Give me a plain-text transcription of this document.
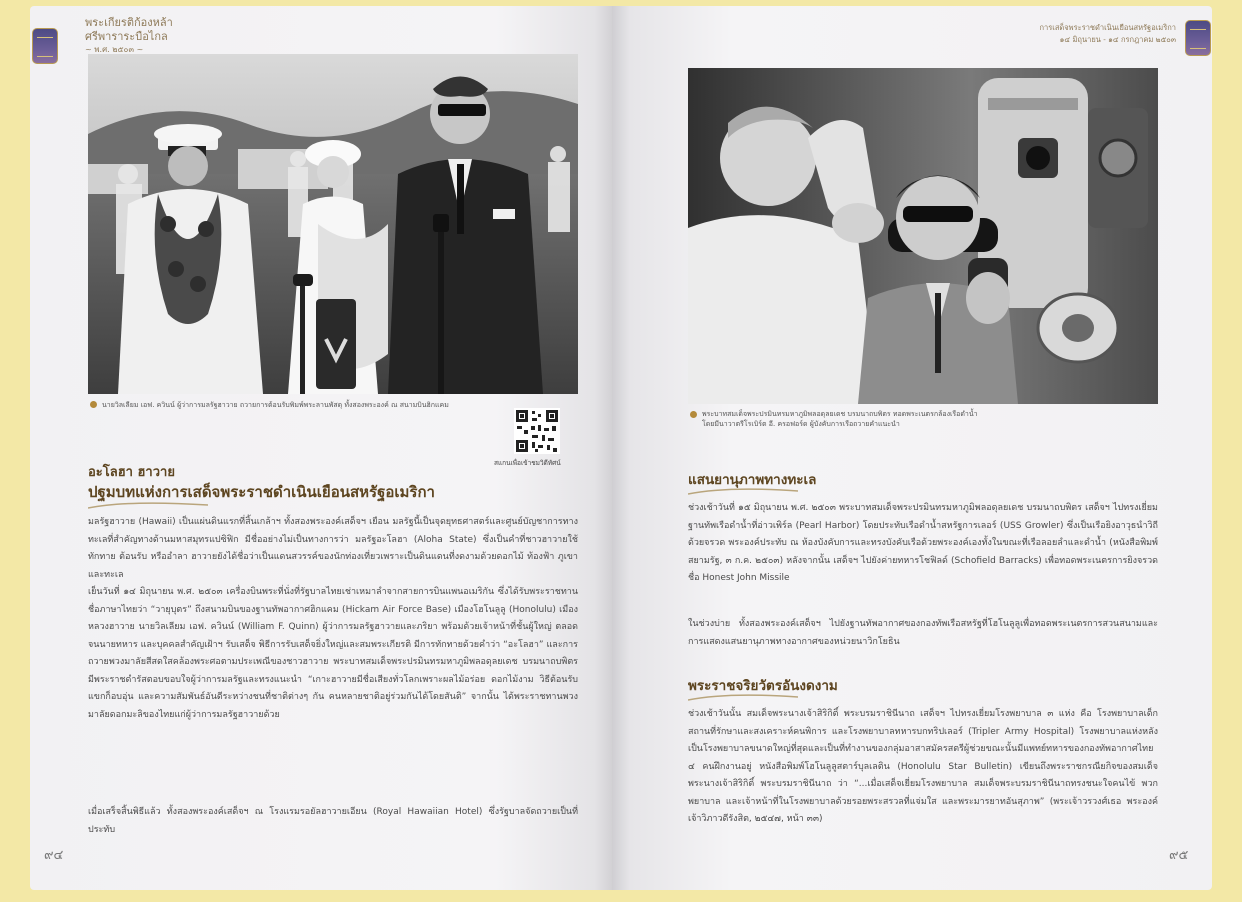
พระเกียรติก้องหล้า
ศรีพาราระบือไกล
~ พ.ศ. ๒๕๐๓ ~
นายวิลเลียม เอฟ. ควินน์ ผู้ว่าการมลรัฐฮาวาย ถวายการต้อนรับพิมพ์พระลานพัสดุ ทั้งสองพระองค์ ณ สนามบินฮิกแคม
สแกนเพื่อเข้าชมวิดีทัศน์
อะโลฮา ฮาวาย
ปฐมบทแห่งการเสด็จพระราชดำเนินเยือนสหรัฐอเมริกา
มลรัฐฮาวาย (Hawaii) เป็นแผ่นดินแรกที่สิ้นเกล้าฯ ทั้งสองพระองค์เสด็จฯ เยือน มลรัฐนี้เป็นจุดยุทธศาสตร์และศูนย์บัญชาการทางทะเลที่สำคัญทางด้านมหาสมุทรแปซิฟิก มีชื่ออย่างไม่เป็นทางการว่า มลรัฐอะโลฮา (Aloha State) ซึ่งเป็นคำที่ชาวฮาวายใช้ทักทาย ต้อนรับ หรืออำลา ฮาวายยังได้ชื่อว่าเป็นแดนสวรรค์ของนักท่องเที่ยวเพราะเป็นดินแดนที่งดงามด้วยดอกไม้ ท้องฟ้า ภูเขา และทะเล
เย็นวันที่ ๑๔ มิถุนายน พ.ศ. ๒๕๐๓ เครื่องบินพระที่นั่งที่รัฐบาลไทยเช่าเหมาลำจากสายการบินแพนอเมริกัน ซึ่งได้รับพระราชทานชื่อภาษาไทยว่า “วายุบุตร” ถึงสนามบินของฐานทัพอากาศฮิกแคม (Hickam Air Force Base) เมืองโฮโนลูลู (Honolulu) เมืองหลวงฮาวาย นายวิลเลียม เอฟ. ควินน์ (William F. Quinn) ผู้ว่าการมลรัฐฮาวายและภริยา พร้อมด้วยเจ้าหน้าที่ชั้นผู้ใหญ่ ตลอดจนนายทหาร และบุคคลสำคัญเฝ้าฯ รับเสด็จ พิธีการรับเสด็จยิ่งใหญ่และสมพระเกียรติ มีการทักทายด้วยคำว่า “อะโลฮา” และการถวายพวงมาลัยสีสดใสคล้องพระศอตามประเพณีของชาวฮาวาย พระบาทสมเด็จพระปรมินทรมหาภูมิพลอดุลยเดช บรมนาถบพิตร มีพระราชดำรัสตอบขอบใจผู้ว่าการมลรัฐและทรงแนะนำ “เกาะฮาวายมีชื่อเสียงทั่วโลกเพราะผลไม้อร่อย ดอกไม้งาม วิธีต้อนรับแขกก็อบอุ่น และความสัมพันธ์อันดีระหว่างชนที่ชาติต่างๆ กัน คนหลายชาติอยู่ร่วมกันได้โดยสันติ” จากนั้น ได้พระราชทานพวงมาลัยดอกมะลิของไทยแก่ผู้ว่าการมลรัฐฮาวายด้วย
เมื่อเสร็จสิ้นพิธีแล้ว ทั้งสองพระองค์เสด็จฯ ณ โรงแรมรอยัลฮาวายเอียน (Royal Hawaiian Hotel) ซึ่งรัฐบาลจัดถวายเป็นที่ประทับ
๙๔
การเสด็จพระราชดำเนินเยือนสหรัฐอเมริกา
๑๔ มิถุนายน - ๑๔ กรกฎาคม ๒๕๐๓
พระบาทสมเด็จพระปรมินทรมหาภูมิพลอดุลยเดช บรมนาถบพิตร ทอดพระเนตรกล้องเรือดำน้ำ
โดยมีนาวาตรีโรเบิร์ต อี. ครอฟอร์ด ผู้บังคับการเรือถวายคำแนะนำ
แสนยานุภาพทางทะเล
ช่วงเช้าวันที่ ๑๕ มิถุนายน พ.ศ. ๒๕๐๓ พระบาทสมเด็จพระปรมินทรมหาภูมิพลอดุลยเดช บรมนาถบพิตร เสด็จฯ ไปทรงเยี่ยมฐานทัพเรือดำน้ำที่อ่าวเพิร์ล (Pearl Harbor) โดยประทับเรือดำน้ำสหรัฐการเลอร์ (USS Growler) ซึ่งเป็นเรือยิงอาวุธนำวิถีด้วยจรวด พระองค์ประทับ ณ ห้องบังคับการและทรงบังคับเรือด้วยพระองค์เองทั้งในขณะที่เรือลอยลำและดำน้ำ (หนังสือพิมพ์สยามรัฐ, ๓ ก.ค. ๒๕๐๓) หลังจากนั้น เสด็จฯ ไปยังค่ายทหารโชฟิลด์ (Schofield Barracks) เพื่อทอดพระเนตรการยิงจรวดชื่อ Honest John Missile
ในช่วงบ่าย ทั้งสองพระองค์เสด็จฯ ไปยังฐานทัพอากาศของกองทัพเรือสหรัฐที่โฮโนลูลูเพื่อทอดพระเนตรการสวนสนามและการแสดงแสนยานุภาพทางอากาศของหน่วยนาวิกโยธิน
พระราชจริยวัตรอันงดงาม
ช่วงเช้าวันนั้น สมเด็จพระนางเจ้าสิริกิติ์ พระบรมราชินีนาถ เสด็จฯ ไปทรงเยี่ยมโรงพยาบาล ๓ แห่ง คือ โรงพยาบาลเด็ก สถานที่รักษาและสงเคราะห์คนพิการ และโรงพยาบาลทหารบกทริปเลอร์ (Tripler Army Hospital) โรงพยาบาลแห่งหลังเป็นโรงพยาบาลขนาดใหญ่ที่สุดและเป็นที่ทำงานของกลุ่มอาสาสมัครสตรีผู้ช่วยขณะนั้นมีแพทย์ทหารของกองทัพอากาศไทย ๔ คนฝึกงานอยู่ หนังสือพิมพ์โฮโนลูลูสตาร์บุลเลติน (Honolulu Star Bulletin) เขียนถึงพระราชกรณียกิจของสมเด็จพระนางเจ้าสิริกิติ์ พระบรมราชินีนาถ ว่า “...เมื่อเสด็จเยี่ยมโรงพยาบาล สมเด็จพระบรมราชินีนาถทรงชนะใจคนไข้ พวกพยาบาล และเจ้าหน้าที่ในโรงพยาบาลด้วยรอยพระสรวลที่แจ่มใส และพระมารยาทอันสุภาพ” (พระเจ้าวรวงศ์เธอ พระองค์เจ้าวิภาวดีรังสิต, ๒๕๔๗, หน้า ๓๓)
๙๕
